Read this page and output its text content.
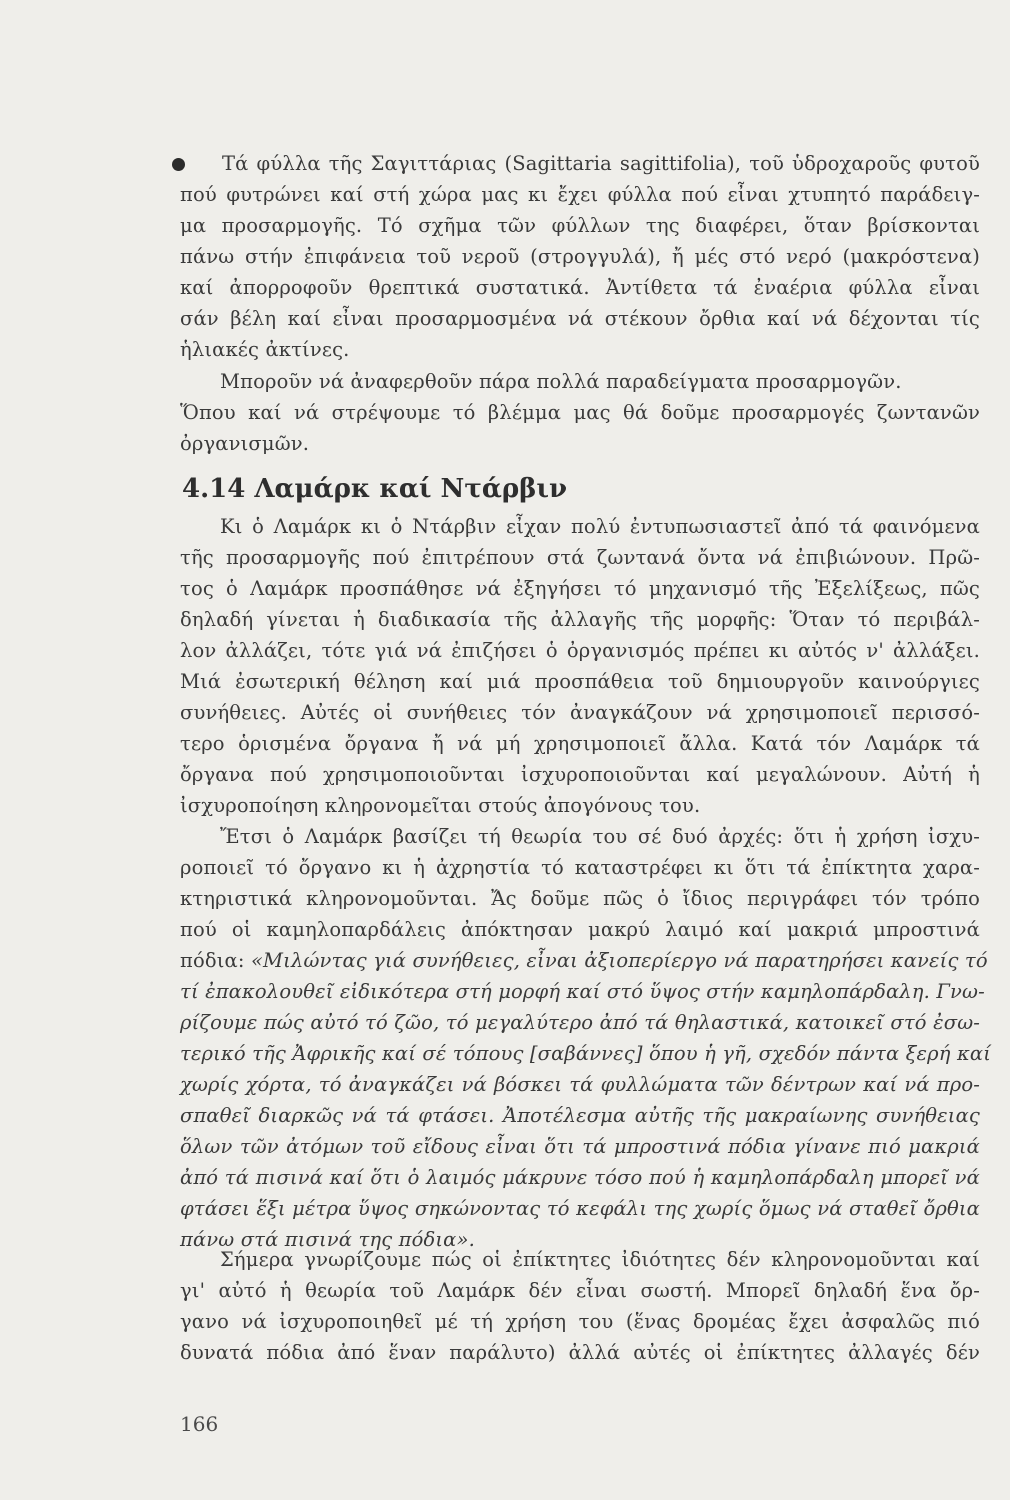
Τά φύλλα τῆς Σαγιττάριας (Sagittaria sagittifolia), τοῦ ὑδροχαροῦς φυτοῦ
πού φυτρώνει καί στή χώρα μας κι ἔχει φύλλα πού εἶναι χτυπητό παράδειγ-
μα προσαρμογῆς. Τό σχῆμα τῶν φύλλων της διαφέρει, ὅταν βρίσκονται
πάνω στήν ἐπιφάνεια τοῦ νεροῦ (στρογγυλά), ἤ μές στό νερό (μακρόστενα)
καί ἀπορροφοῦν θρεπτικά συστατικά. Ἀντίθετα τά ἐναέρια φύλλα εἶναι
σάν βέλη καί εἶναι προσαρμοσμένα νά στέκουν ὄρθια καί νά δέχονται τίς
ἡλιακές ἀκτίνες.
Μποροῦν νά ἀναφερθοῦν πάρα πολλά παραδείγματα προσαρμογῶν.
Ὅπου καί νά στρέψουμε τό βλέμμα μας θά δοῦμε προσαρμογές ζωντανῶν
ὀργανισμῶν.
4.14 Λαμάρκ καί Ντάρβιν
Κι ὁ Λαμάρκ κι ὁ Ντάρβιν εἶχαν πολύ ἐντυπωσιαστεῖ ἀπό τά φαινόμενα
τῆς προσαρμογῆς πού ἐπιτρέπουν στά ζωντανά ὄντα νά ἐπιβιώνουν. Πρῶ-
τος ὁ Λαμάρκ προσπάθησε νά ἐξηγήσει τό μηχανισμό τῆς Ἐξελίξεως, πῶς
δηλαδή γίνεται ἡ διαδικασία τῆς ἀλλαγῆς τῆς μορφῆς: Ὅταν τό περιβάλ-
λον ἀλλάζει, τότε γιά νά ἐπιζήσει ὁ ὀργανισμός πρέπει κι αὐτός ν' ἀλλάξει.
Μιά ἐσωτερική θέληση καί μιά προσπάθεια τοῦ δημιουργοῦν καινούργιες
συνήθειες. Αὐτές οἱ συνήθειες τόν ἀναγκάζουν νά χρησιμοποιεῖ περισσό-
τερο ὁρισμένα ὄργανα ἤ νά μή χρησιμοποιεῖ ἄλλα. Κατά τόν Λαμάρκ τά
ὄργανα πού χρησιμοποιοῦνται ἰσχυροποιοῦνται καί μεγαλώνουν. Αὐτή ἡ
ἰσχυροποίηση κληρονομεῖται στούς ἀπογόνους του.
Ἔτσι ὁ Λαμάρκ βασίζει τή θεωρία του σέ δυό ἀρχές: ὅτι ἡ χρήση ἰσχυ-
ροποιεῖ τό ὄργανο κι ἡ ἀχρηστία τό καταστρέφει κι ὅτι τά ἐπίκτητα χαρα-
κτηριστικά κληρονομοῦνται. Ἄς δοῦμε πῶς ὁ ἴδιος περιγράφει τόν τρόπο
πού οἱ καμηλοπαρδάλεις ἀπόκτησαν μακρύ λαιμό καί μακριά μπροστινά
πόδια: «Μιλώντας γιά συνήθειες, εἶναι ἀξιοπερίεργο νά παρατηρήσει κανείς τό
τί ἐπακολουθεῖ εἰδικότερα στή μορφή καί στό ὕψος στήν καμηλοπάρδαλη. Γνω-
ρίζουμε πώς αὐτό τό ζῶο, τό μεγαλύτερο ἀπό τά θηλαστικά, κατοικεῖ στό ἐσω-
τερικό τῆς Ἀφρικῆς καί σέ τόπους [σαβάννες] ὅπου ἡ γῆ, σχεδόν πάντα ξερή καί
χωρίς χόρτα, τό ἀναγκάζει νά βόσκει τά φυλλώματα τῶν δέντρων καί νά προ-
σπαθεῖ διαρκῶς νά τά φτάσει. Ἀποτέλεσμα αὐτῆς τῆς μακραίωνης συνήθειας
ὅλων τῶν ἀτόμων τοῦ εἴδους εἶναι ὅτι τά μπροστινά πόδια γίνανε πιό μακριά
ἀπό τά πισινά καί ὅτι ὁ λαιμός μάκρυνε τόσο πού ἡ καμηλοπάρδαλη μπορεῖ νά
φτάσει ἕξι μέτρα ὕψος σηκώνοντας τό κεφάλι της χωρίς ὅμως νά σταθεῖ ὄρθια
πάνω στά πισινά της πόδια».
Σήμερα γνωρίζουμε πώς οἱ ἐπίκτητες ἰδιότητες δέν κληρονομοῦνται καί
γι' αὐτό ἡ θεωρία τοῦ Λαμάρκ δέν εἶναι σωστή. Μπορεῖ δηλαδή ἕνα ὄρ-
γανο νά ἰσχυροποιηθεῖ μέ τή χρήση του (ἕνας δρομέας ἔχει ἀσφαλῶς πιό
δυνατά πόδια ἀπό ἕναν παράλυτο) ἀλλά αὐτές οἱ ἐπίκτητες ἀλλαγές δέν
166
